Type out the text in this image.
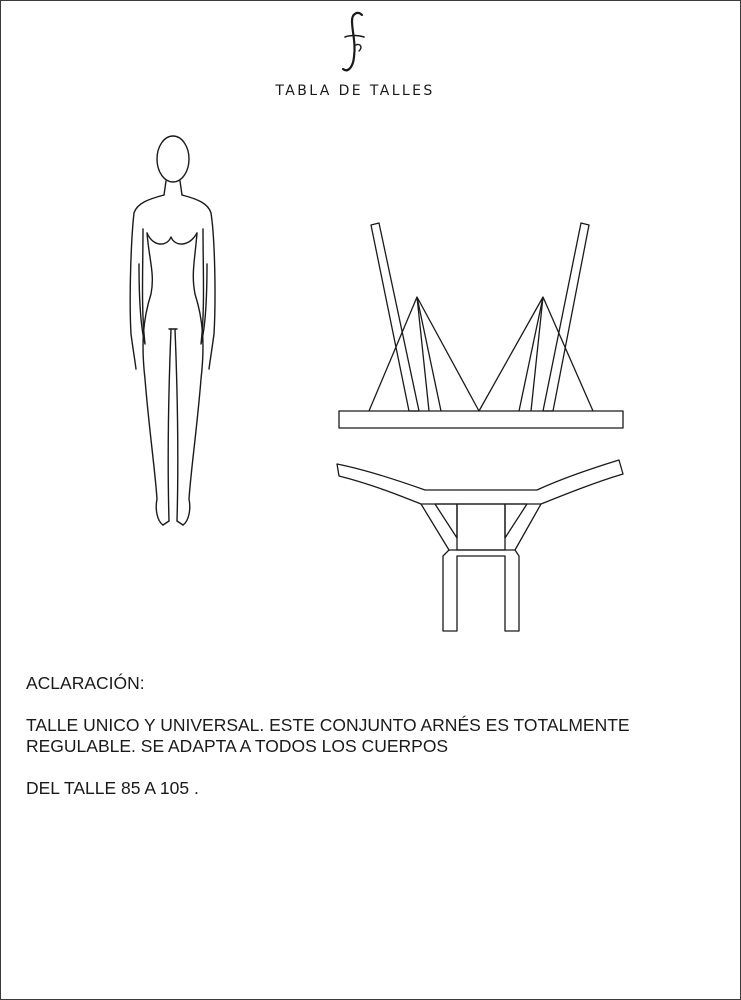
TABLA DE TALLES

ACLARACIÓN:

TALLE UNICO Y UNIVERSAL. ESTE CONJUNTO ARNÉS ES TOTALMENTE

REGULABLE. SE ADAPTA A TODOS LOS CUERPOS

DEL TALLE 85 A 105 .
